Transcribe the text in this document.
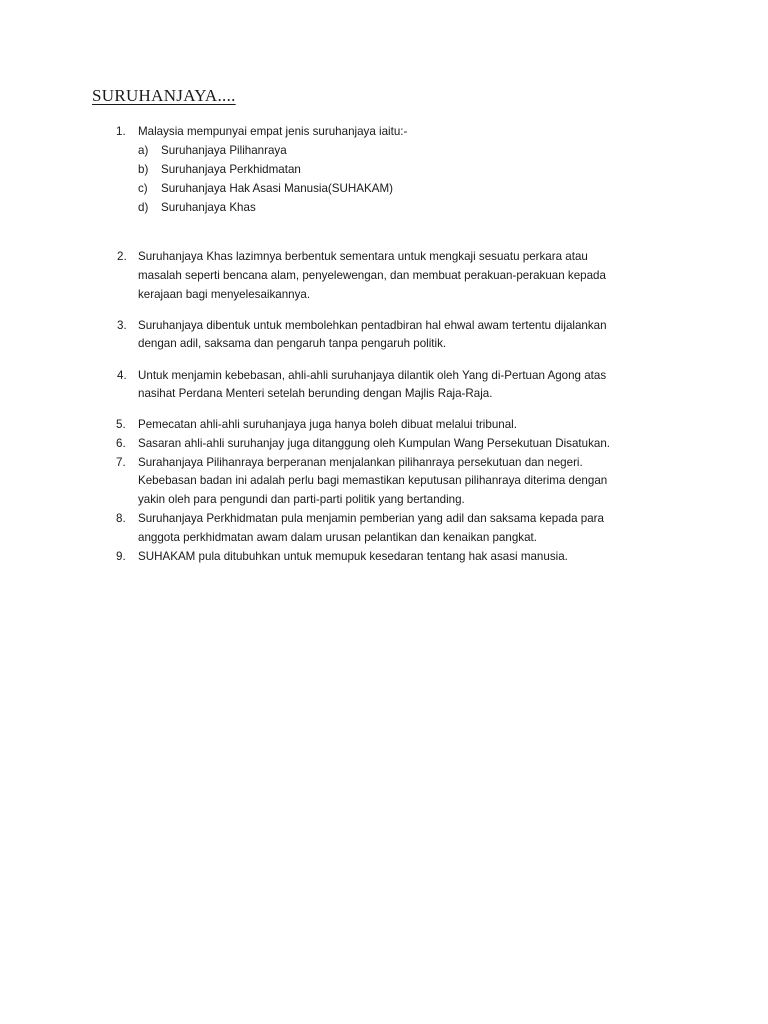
SURUHANJAYA....
1. Malaysia mempunyai empat jenis suruhanjaya iaitu:-
a) Suruhanjaya Pilihanraya
b) Suruhanjaya Perkhidmatan
c) Suruhanjaya Hak Asasi Manusia(SUHAKAM)
d) Suruhanjaya Khas
2. Suruhanjaya Khas lazimnya berbentuk sementara untuk mengkaji sesuatu perkara atau
masalah seperti bencana alam, penyelewengan, dan membuat perakuan-perakuan kepada
kerajaan bagi menyelesaikannya.
3. Suruhanjaya dibentuk untuk membolehkan pentadbiran hal ehwal awam tertentu dijalankan
dengan adil, saksama dan pengaruh tanpa pengaruh politik.
4. Untuk menjamin kebebasan, ahli-ahli suruhanjaya dilantik oleh Yang di-Pertuan Agong atas
nasihat Perdana Menteri setelah berunding dengan Majlis Raja-Raja.
5. Pemecatan ahli-ahli suruhanjaya juga hanya boleh dibuat melalui tribunal.
6. Sasaran ahli-ahli suruhanjay juga ditanggung oleh Kumpulan Wang Persekutuan Disatukan.
7. Surahanjaya Pilihanraya berperanan menjalankan pilihanraya persekutuan dan negeri.
Kebebasan badan ini adalah perlu bagi memastikan keputusan pilihanraya diterima dengan
yakin oleh para pengundi dan parti-parti politik yang bertanding.
8. Suruhanjaya Perkhidmatan pula menjamin pemberian yang adil dan saksama kepada para
anggota perkhidmatan awam dalam urusan pelantikan dan kenaikan pangkat.
9. SUHAKAM pula ditubuhkan untuk memupuk kesedaran tentang hak asasi manusia.
